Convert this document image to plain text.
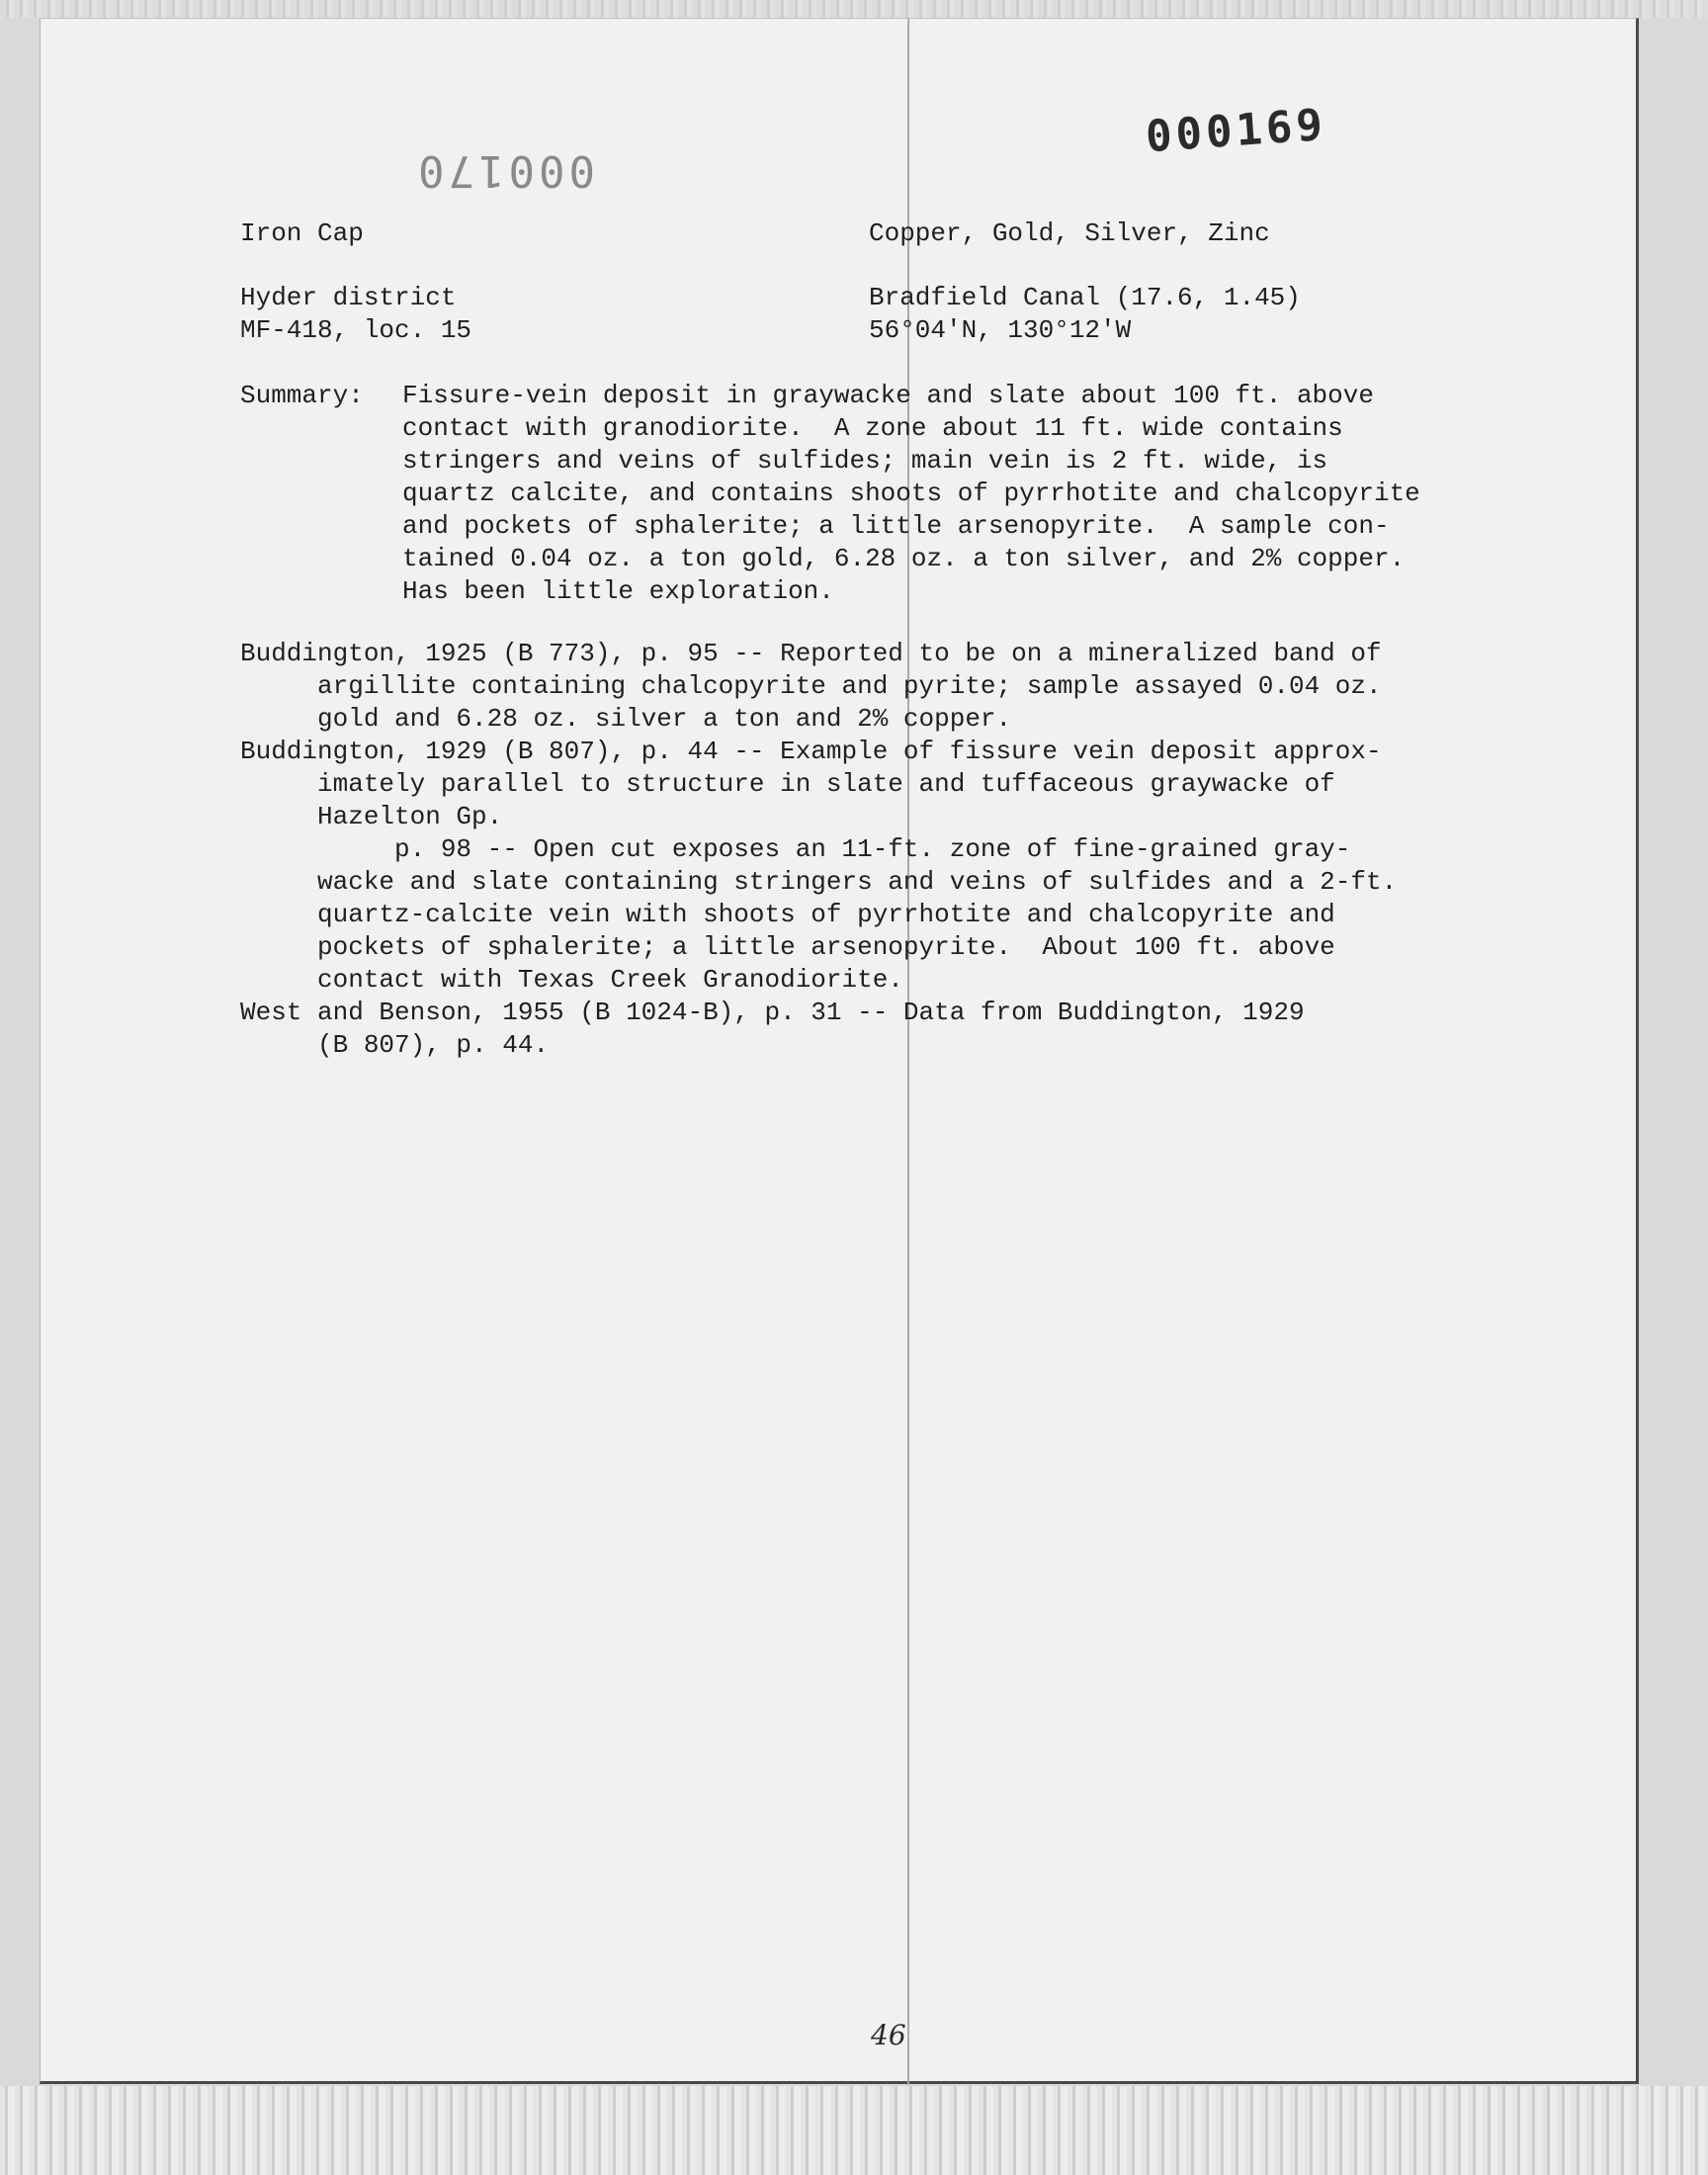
000169
000170
Iron Cap	Copper, Gold, Silver, Zinc
Hyder district	Bradfield Canal (17.6, 1.45)
MF-418, loc. 15	56°04'N, 130°12'W
Summary: Fissure-vein deposit in graywacke and slate about 100 ft. above
contact with granodiorite.  A zone about 11 ft. wide contains
stringers and veins of sulfides; main vein is 2 ft. wide, is
quartz calcite, and contains shoots of pyrrhotite and chalcopyrite
and pockets of sphalerite; a little arsenopyrite.  A sample con-
tained 0.04 oz. a ton gold, 6.28 oz. a ton silver, and 2% copper.
Has been little exploration.
Buddington, 1925 (B 773), p. 95 -- Reported to be on a mineralized band of
argillite containing chalcopyrite and pyrite; sample assayed 0.04 oz.
gold and 6.28 oz. silver a ton and 2% copper.
Buddington, 1929 (B 807), p. 44 -- Example of fissure vein deposit approx-
imately parallel to structure in slate and tuffaceous graywacke of
Hazelton Gp.
p. 98 -- Open cut exposes an 11-ft. zone of fine-grained gray-
wacke and slate containing stringers and veins of sulfides and a 2-ft.
quartz-calcite vein with shoots of pyrrhotite and chalcopyrite and
pockets of sphalerite; a little arsenopyrite.  About 100 ft. above
contact with Texas Creek Granodiorite.
West and Benson, 1955 (B 1024-B), p. 31 -- Data from Buddington, 1929
(B 807), p. 44.
46
